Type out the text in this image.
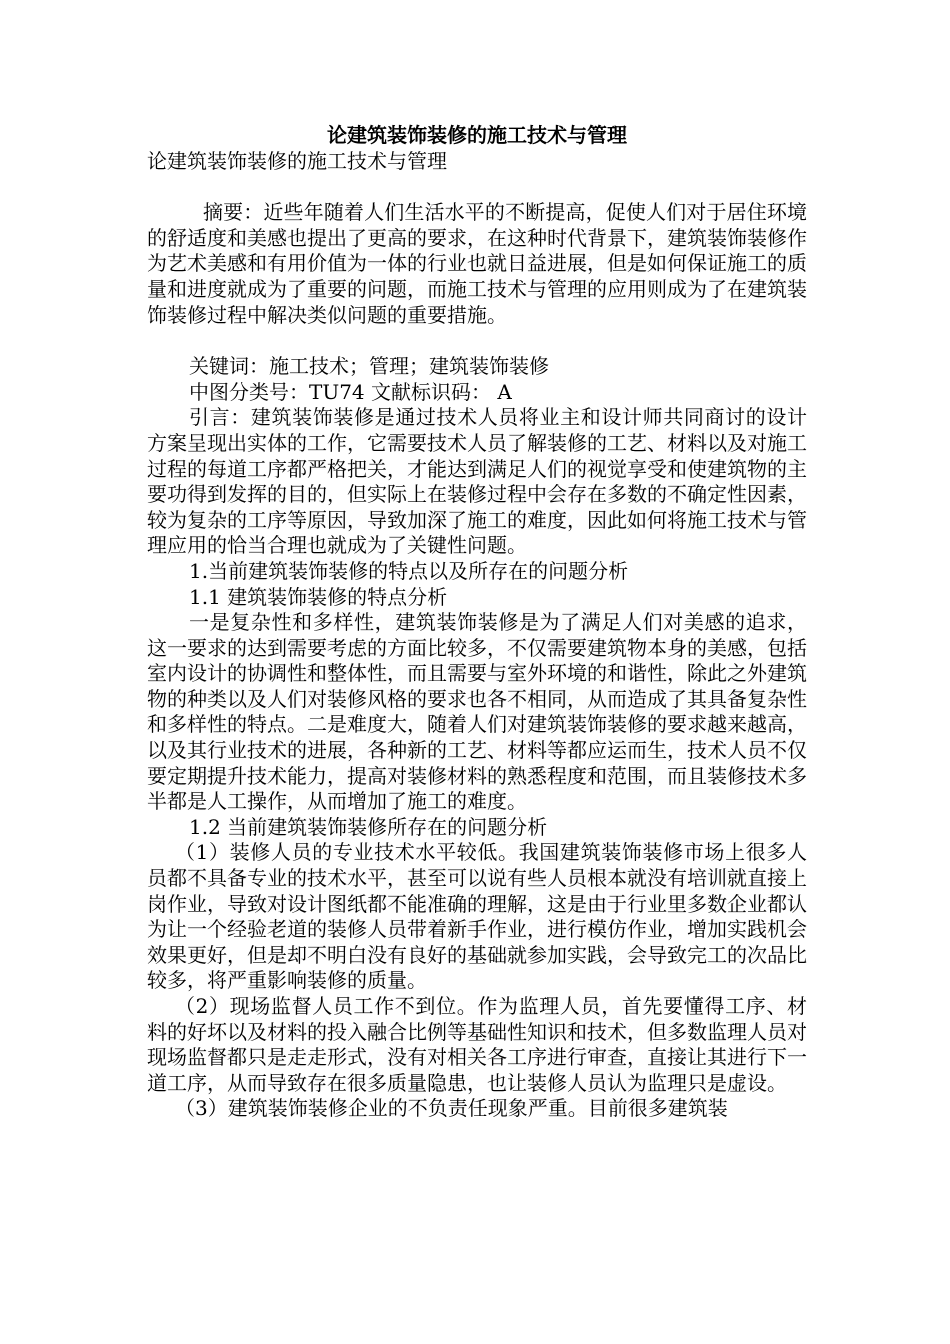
论建筑装饰装修的施工技术与管理

论建筑装饰装修的施工技术与管理

摘要：近些年随着人们生活水平的不断提高，促使人们对于居住环境的舒适度和美感也提出了更高的要求，在这种时代背景下，建筑装饰装修作为艺术美感和有用价值为一体的行业也就日益进展，但是如何保证施工的质量和进度就成为了重要的问题，而施工技术与管理的应用则成为了在建筑装饰装修过程中解决类似问题的重要措施。

关键词：施工技术；管理；建筑装饰装修

中图分类号：TU74 文献标识码： A

引言：建筑装饰装修是通过技术人员将业主和设计师共同商讨的设计方案呈现出实体的工作，它需要技术人员了解装修的工艺、材料以及对施工过程的每道工序都严格把关，才能达到满足人们的视觉享受和使建筑物的主要功得到发挥的目的，但实际上在装修过程中会存在多数的不确定性因素，较为复杂的工序等原因，导致加深了施工的难度，因此如何将施工技术与管理应用的恰当合理也就成为了关键性问题。

1.当前建筑装饰装修的特点以及所存在的问题分析

1.1 建筑装饰装修的特点分析

一是复杂性和多样性，建筑装饰装修是为了满足人们对美感的追求，这一要求的达到需要考虑的方面比较多，不仅需要建筑物本身的美感，包括室内设计的协调性和整体性，而且需要与室外环境的和谐性，除此之外建筑物的种类以及人们对装修风格的要求也各不相同，从而造成了其具备复杂性和多样性的特点。二是难度大，随着人们对建筑装饰装修的要求越来越高，以及其行业技术的进展，各种新的工艺、材料等都应运而生，技术人员不仅要定期提升技术能力，提高对装修材料的熟悉程度和范围，而且装修技术多半都是人工操作，从而增加了施工的难度。

1.2 当前建筑装饰装修所存在的问题分析

（1）装修人员的专业技术水平较低。我国建筑装饰装修市场上很多人员都不具备专业的技术水平，甚至可以说有些人员根本就没有培训就直接上岗作业，导致对设计图纸都不能准确的理解，这是由于行业里多数企业都认为让一个经验老道的装修人员带着新手作业，进行模仿作业，增加实践机会效果更好，但是却不明白没有良好的基础就参加实践，会导致完工的次品比较多，将严重影响装修的质量。

（2）现场监督人员工作不到位。作为监理人员，首先要懂得工序、材料的好坏以及材料的投入融合比例等基础性知识和技术，但多数监理人员对现场监督都只是走走形式，没有对相关各工序进行审查，直接让其进行下一道工序，从而导致存在很多质量隐患，也让装修人员认为监理只是虚设。

（3）建筑装饰装修企业的不负责任现象严重。目前很多建筑装
